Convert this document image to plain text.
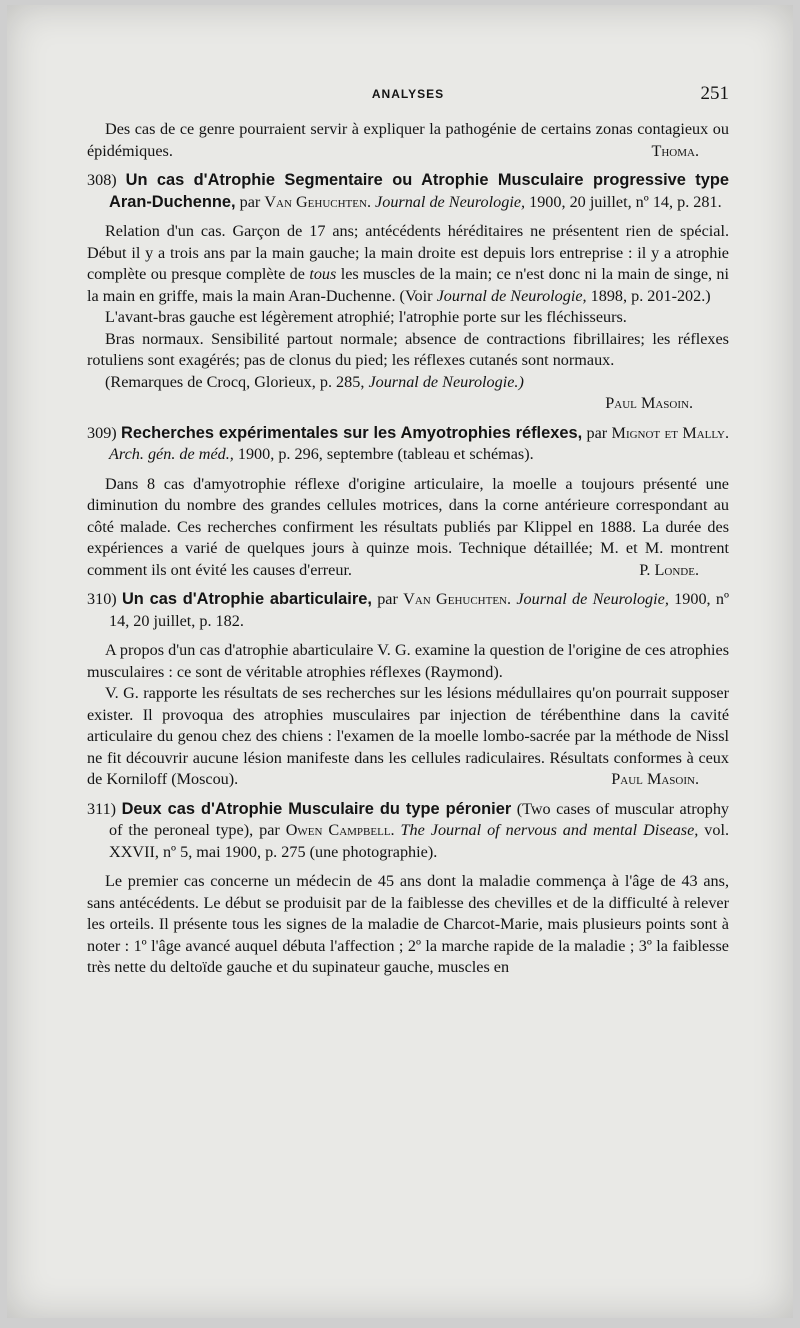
ANALYSES	251

Des cas de ce genre pourraient servir à expliquer la pathogénie de certains zonas contagieux ou épidémiques.	Thoma.

308) Un cas d'Atrophie Segmentaire ou Atrophie Musculaire progressive type Aran-Duchenne, par Van Gehuchten. Journal de Neurologie, 1900, 20 juillet, nº 14, p. 281.

Relation d'un cas. Garçon de 17 ans; antécédents héréditaires ne présentent rien de spécial. Début il y a trois ans par la main gauche; la main droite est depuis lors entreprise : il y a atrophie complète ou presque complète de tous les muscles de la main; ce n'est donc ni la main de singe, ni la main en griffe, mais la main Aran-Duchenne. (Voir Journal de Neurologie, 1898, p. 201-202.)

L'avant-bras gauche est légèrement atrophié; l'atrophie porte sur les fléchisseurs.

Bras normaux. Sensibilité partout normale; absence de contractions fibrillaires; les réflexes rotuliens sont exagérés; pas de clonus du pied; les réflexes cutanés sont normaux.

(Remarques de Crocq, Glorieux, p. 285, Journal de Neurologie.)

Paul Masoin.

309) Recherches expérimentales sur les Amyotrophies réflexes, par Mignot et Mally. Arch. gén. de méd., 1900, p. 296, septembre (tableau et schémas).

Dans 8 cas d'amyotrophie réflexe d'origine articulaire, la moelle a toujours présenté une diminution du nombre des grandes cellules motrices, dans la corne antérieure correspondant au côté malade. Ces recherches confirment les résultats publiés par Klippel en 1888. La durée des expériences a varié de quelques jours à quinze mois. Technique détaillée; M. et M. montrent comment ils ont évité les causes d'erreur.	P. Londe.

310) Un cas d'Atrophie abarticulaire, par Van Gehuchten. Journal de Neurologie, 1900, nº 14, 20 juillet, p. 182.

A propos d'un cas d'atrophie abarticulaire V. G. examine la question de l'origine de ces atrophies musculaires : ce sont de véritable atrophies réflexes (Raymond).

V. G. rapporte les résultats de ses recherches sur les lésions médullaires qu'on pourrait supposer exister. Il provoqua des atrophies musculaires par injection de térébenthine dans la cavité articulaire du genou chez des chiens : l'examen de la moelle lombo-sacrée par la méthode de Nissl ne fit découvrir aucune lésion manifeste dans les cellules radiculaires. Résultats conformes à ceux de Korniloff (Moscou).	Paul Masoin.

311) Deux cas d'Atrophie Musculaire du type péronier (Two cases of muscular atrophy of the peroneal type), par Owen Campbell. The Journal of nervous and mental Disease, vol. XXVII, nº 5, mai 1900, p. 275 (une photographie).

Le premier cas concerne un médecin de 45 ans dont la maladie commença à l'âge de 43 ans, sans antécédents. Le début se produisit par de la faiblesse des chevilles et de la difficulté à relever les orteils. Il présente tous les signes de la maladie de Charcot-Marie, mais plusieurs points sont à noter : 1º l'âge avancé auquel débuta l'affection ; 2º la marche rapide de la maladie ; 3º la faiblesse très nette du deltoïde gauche et du supinateur gauche, muscles en
